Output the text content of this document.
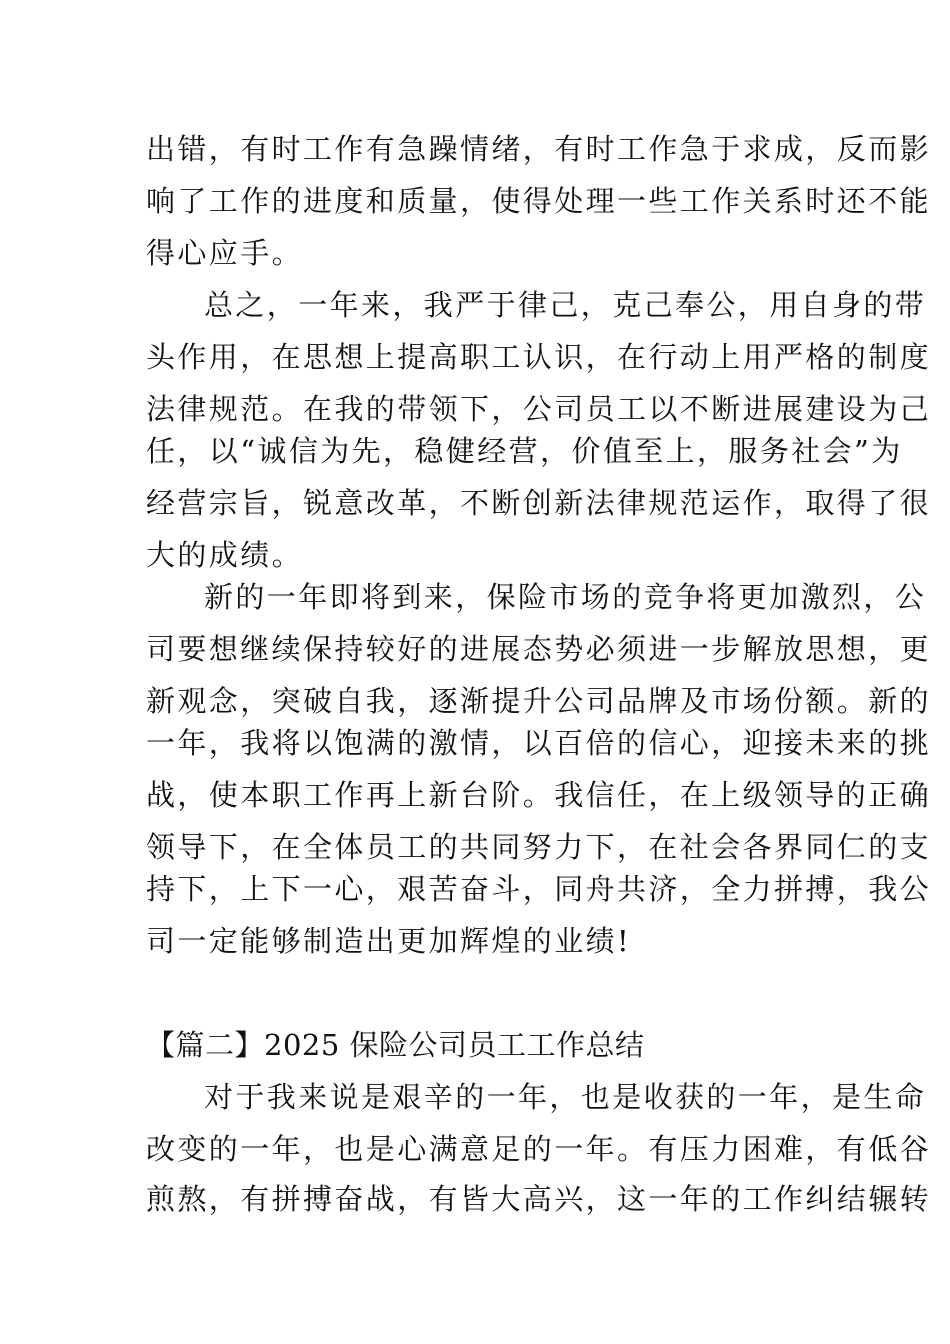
出错，有时工作有急躁情绪，有时工作急于求成，反而影
响了工作的进度和质量，使得处理一些工作关系时还不能
得心应手。
总之，一年来，我严于律己，克己奉公，用自身的带
头作用，在思想上提高职工认识，在行动上用严格的制度
法律规范。在我的带领下，公司员工以不断进展建设为己
任，以“诚信为先，稳健经营，价值至上，服务社会”为
经营宗旨，锐意改革，不断创新法律规范运作，取得了很
大的成绩。
新的一年即将到来，保险市场的竞争将更加激烈，公
司要想继续保持较好的进展态势必须进一步解放思想，更
新观念，突破自我，逐渐提升公司品牌及市场份额。新的
一年，我将以饱满的激情，以百倍的信心，迎接未来的挑
战，使本职工作再上新台阶。我信任，在上级领导的正确
领导下，在全体员工的共同努力下，在社会各界同仁的支
持下，上下一心，艰苦奋斗，同舟共济，全力拼搏，我公
司一定能够制造出更加辉煌的业绩!
【篇二】2025 保险公司员工工作总结
对于我来说是艰辛的一年，也是收获的一年，是生命
改变的一年，也是心满意足的一年。有压力困难，有低谷
煎熬，有拼搏奋战，有皆大高兴，这一年的工作纠结辗转
